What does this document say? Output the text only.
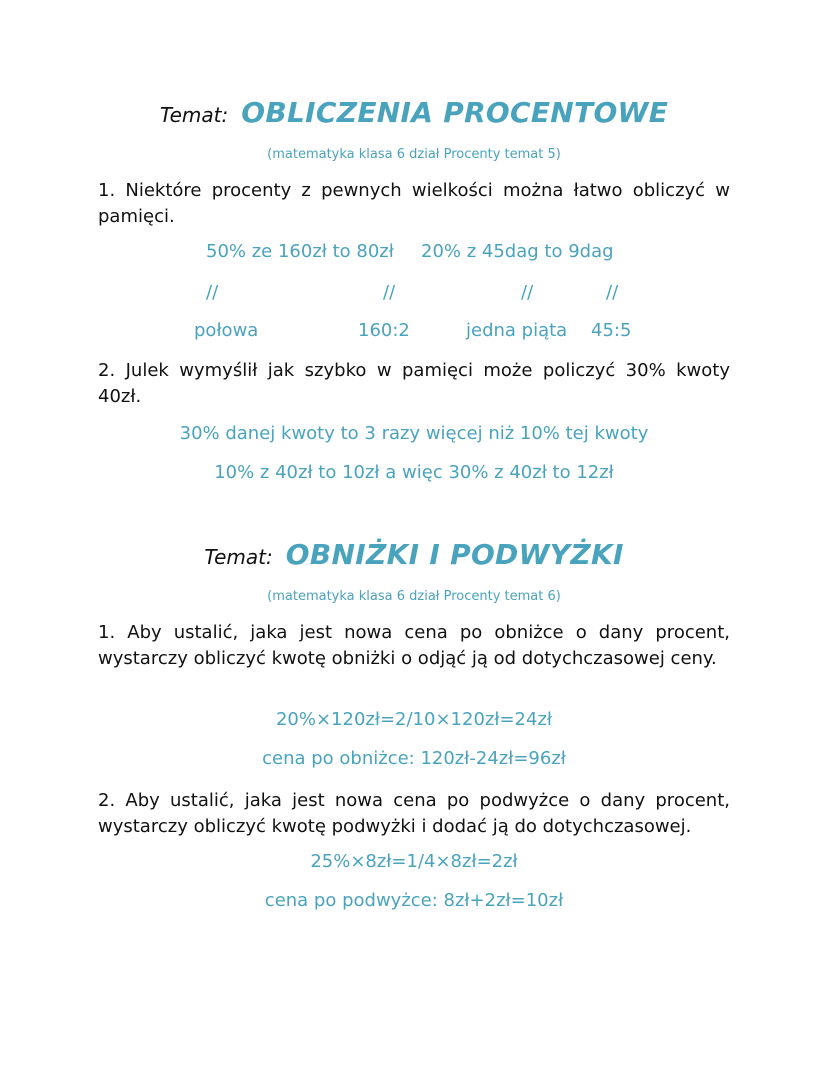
Temat: OBLICZENIA PROCENTOWE
(matematyka klasa 6 dział Procenty temat 5)
1. Niektóre procenty z pewnych wielkości można łatwo obliczyć w pamięci.
50% ze 160zł to 80zł 20% z 45dag to 9dag
//	//	//	//
połowa	160:2	jedna piąta 45:5
2. Julek wymyślił jak szybko w pamięci może policzyć 30% kwoty 40zł.
30% danej kwoty to 3 razy więcej niż 10% tej kwoty
10% z 40zł to 10zł a więc 30% z 40zł to 12zł
Temat: OBNIŻKI I PODWYŻKI
(matematyka klasa 6 dział Procenty temat 6)
1. Aby ustalić, jaka jest nowa cena po obniżce o dany procent, wystarczy obliczyć kwotę obniżki o odjąć ją od dotychczasowej ceny.
20%×120zł=2/10×120zł=24zł
cena po obniżce: 120zł-24zł=96zł
2. Aby ustalić, jaka jest nowa cena po podwyżce o dany procent, wystarczy obliczyć kwotę podwyżki i dodać ją do dotychczasowej.
25%×8zł=1/4×8zł=2zł
cena po podwyżce: 8zł+2zł=10zł
